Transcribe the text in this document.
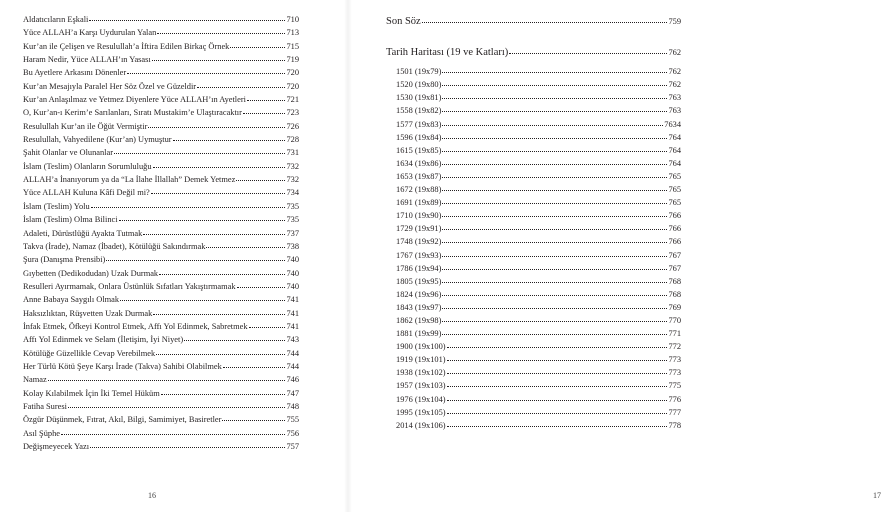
Aldatıcıların Eşkali	710
Yüce ALLAH’a Karşı Uydurulan Yalan	713
Kur’an ile Çelişen ve Resulullah’a İftira Edilen Birkaç Örnek	715
Haram Nedir, Yüce ALLAH’ın Yasası	719
Bu Ayetlere Arkasını Dönenler	720
Kur’an Mesajıyla Paralel Her Söz Özel ve Güzeldir	720
Kur’an Anlaşılmaz ve Yetmez Diyenlere Yüce ALLAH’ın Ayetleri	721
O, Kur’an-ı Kerim’e Sarılanları, Sıratı Mustakim’e Ulaştıracaktır	723
Resulullah Kur’an ile Öğüt Vermiştir	726
Resulullah, Vahyedilene (Kur’an) Uymuştur	728
Şahit Olanlar ve Olunanlar	731
İslam (Teslim) Olanların Sorumluluğu	732
ALLAH’a İnanıyorum ya da “La İlahe İllallah” Demek Yetmez	732
Yüce ALLAH Kuluna Kâfi Değil mi?	734
İslam (Teslim) Yolu	735
İslam (Teslim) Olma Bilinci	735
Adaleti, Dürüstlüğü Ayakta Tutmak	737
Takva (İrade), Namaz (İbadet), Kötülüğü Sakındırmak	738
Şura (Danışma Prensibi)	740
Gıybetten (Dedikodudan) Uzak Durmak	740
Resulleri Ayırmamak, Onlara Üstünlük Sıfatları Yakıştırmamak	740
Anne Babaya Saygılı Olmak	741
Haksızlıktan, Rüşvetten Uzak Durmak	741
İnfak Etmek, Öfkeyi Kontrol Etmek, Affı Yol Edinmek, Sabretmek	741
Affı Yol Edinmek ve Selam (İletişim, İyi Niyet)	743
Kötülüğe Güzellikle Cevap Verebilmek	744
Her Türlü Kötü Şeye Karşı İrade (Takva) Sahibi Olabilmek	744
Namaz	746
Kolay Kılabilmek İçin İki Temel Hüküm	747
Fatiha Suresi	748
Özgür Düşünmek, Fıtrat, Akıl, Bilgi, Samimiyet, Basiretler	755
Asıl Şüphe	756
Değişmeyecek Yazı	757
16
Son Söz	759
Tarih Haritası (19 ve Katları)	762
1501 (19x79)	762
1520 (19x80)	762
1530 (19x81)	763
1558 (19x82)	763
1577 (19x83)	7634
1596 (19x84)	764
1615 (19x85)	764
1634 (19x86)	764
1653 (19x87)	765
1672 (19x88)	765
1691 (19x89)	765
1710 (19x90)	766
1729 (19x91)	766
1748 (19x92)	766
1767 (19x93)	767
1786 (19x94)	767
1805 (19x95)	768
1824 (19x96)	768
1843 (19x97)	769
1862 (19x98)	770
1881 (19x99)	771
1900 (19x100)	772
1919 (19x101)	773
1938 (19x102)	773
1957 (19x103)	775
1976 (19x104)	776
1995 (19x105)	777
2014 (19x106)	778
17
